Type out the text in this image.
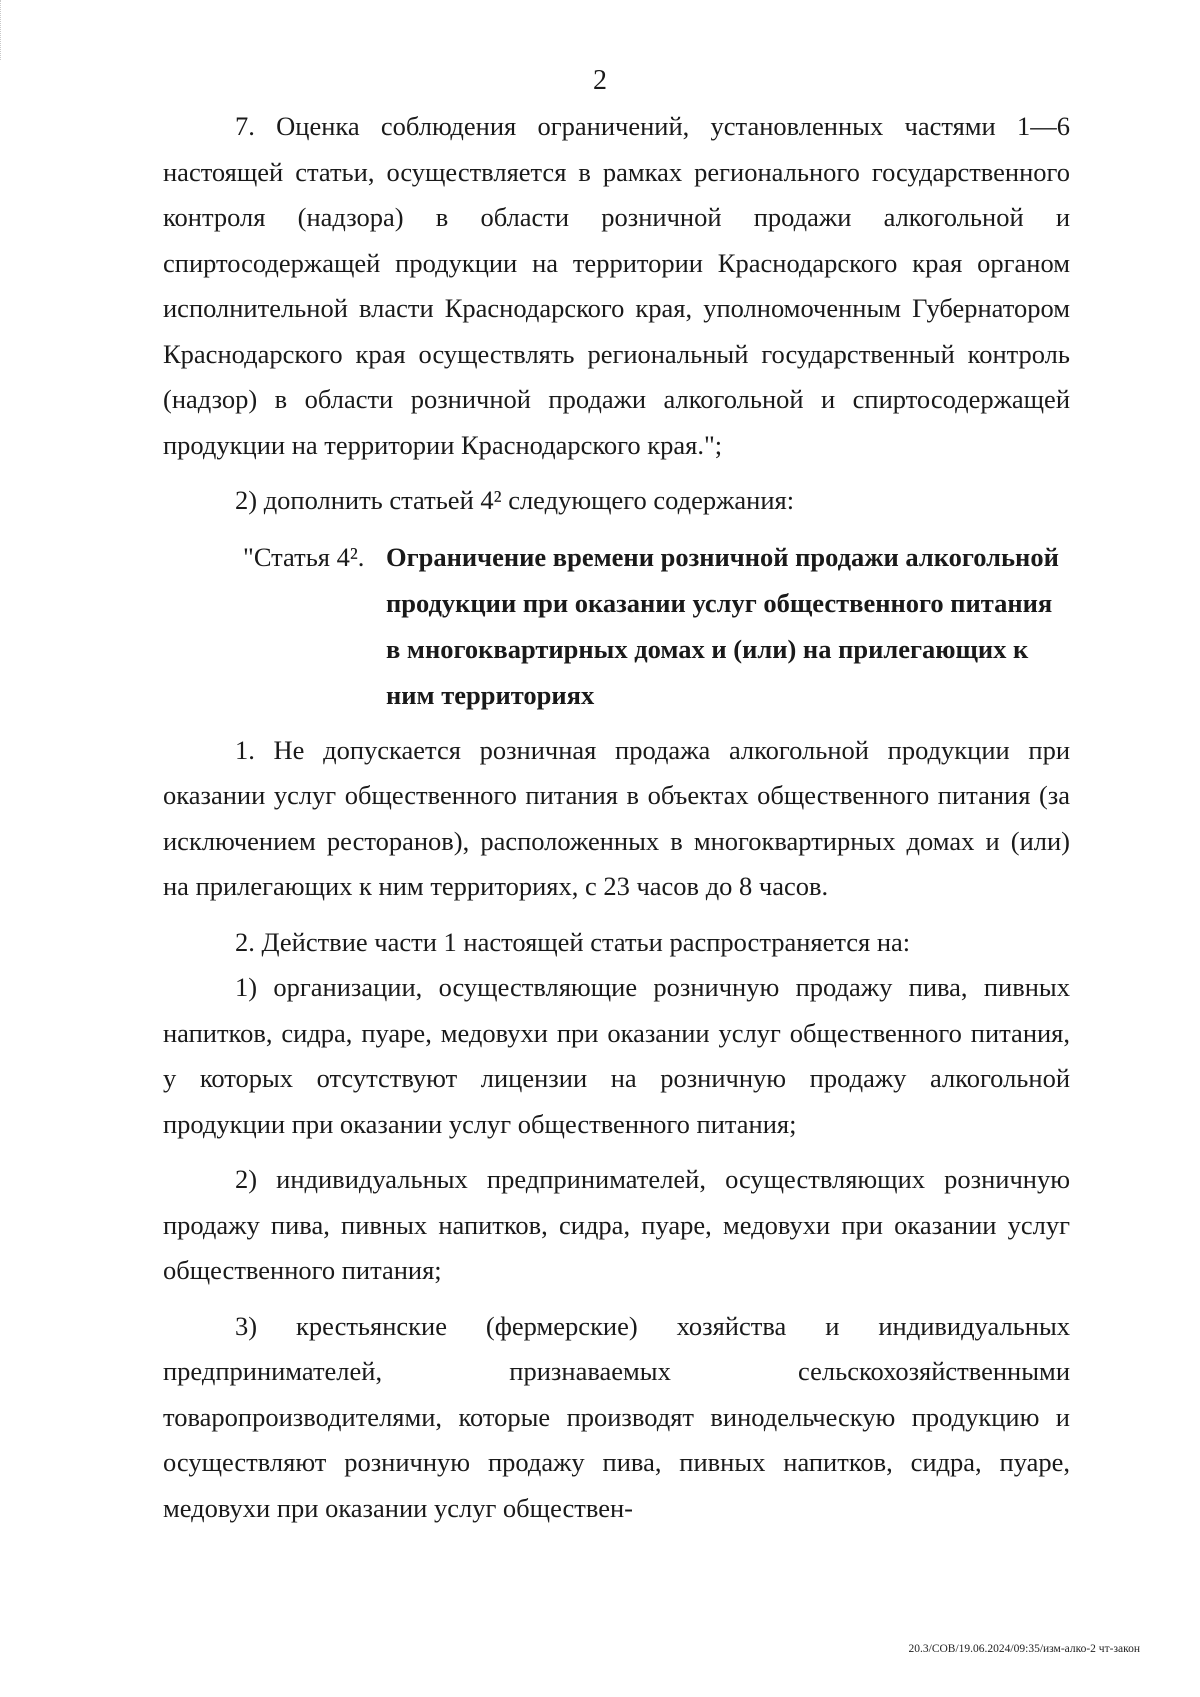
2

7. Оценка соблюдения ограничений, установленных частями 1—6 настоящей статьи, осуществляется в рамках регионального государственного контроля (надзора) в области розничной продажи алкогольной и спиртосодержащей продукции на территории Краснодарского края органом исполнительной власти Краснодарского края, уполномоченным Губернатором Краснодарского края осуществлять региональный государственный контроль (надзор) в области розничной продажи алкогольной и спиртосодержащей продукции на территории Краснодарского края.";

2) дополнить статьей 4² следующего содержания:

"Статья 4². Ограничение времени розничной продажи алкогольной продукции при оказании услуг общественного питания в многоквартирных домах и (или) на прилегающих к ним территориях

1. Не допускается розничная продажа алкогольной продукции при оказании услуг общественного питания в объектах общественного питания (за исключением ресторанов), расположенных в многоквартирных домах и (или) на прилегающих к ним территориях, с 23 часов до 8 часов.

2. Действие части 1 настоящей статьи распространяется на:

1) организации, осуществляющие розничную продажу пива, пивных напитков, сидра, пуаре, медовухи при оказании услуг общественного питания, у которых отсутствуют лицензии на розничную продажу алкогольной продукции при оказании услуг общественного питания;

2) индивидуальных предпринимателей, осуществляющих розничную продажу пива, пивных напитков, сидра, пуаре, медовухи при оказании услуг общественного питания;

3) крестьянские (фермерские) хозяйства и индивидуальных предпринимателей, признаваемых сельскохозяйственными товаропроизводителями, которые производят винодельческую продукцию и осуществляют розничную продажу пива, пивных напитков, сидра, пуаре, медовухи при оказании услуг обществен-

20.3/СОВ/19.06.2024/09:35/изм-алко-2 чт-закон
